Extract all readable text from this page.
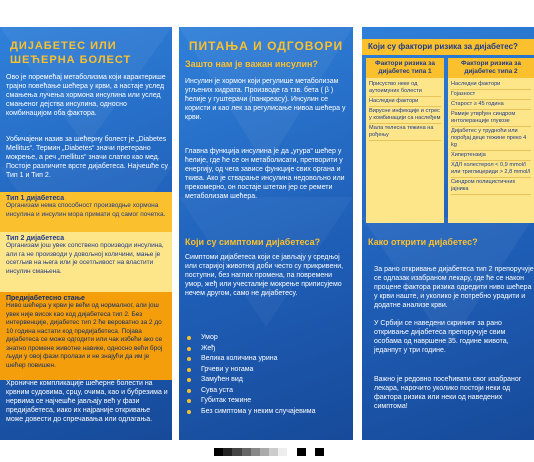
ДИЈАБЕТЕС ИЛИ
ШЕЋЕРНА БОЛЕСТ

Ово је поремећај метаболизма који карактерише трајно повећање шећера у крви, а настаје услед смањења лучења хормона инсулина или услед смањеног дејства инсулина, односно комбинацијом оба фактора.

Уобичајени назив за шећерну болест је „Diabetes Mellitus“. Термин „Diabetes“ значи претерано мокрење, а реч „mellitus“ значи слатко као мед. Постоје различите врсте дијабетеса. Најчешће су Тип 1 и Тип 2.

Тип 1 дијабетеса
Организам нема способност производње хормона инсулина и инсулин мора примати од самог почетка.
Тип 2 дијабетеса
Организам још увек сопствено производи инсулина, али га не производи у довољној количини, мање је осетљив на њега или је осетљивост на властити инсулин смањена.
Предијабетесно стање
Ниво шећера у крви је већи од нормалног, али још увек није висок као код дијабетеса тип 2. Без интервенције, дијабетес тип 2 ће вероватно за 2 до 10 година настати код предијабетеса. Појава дијабетеса се може одгодити или чак избећи ако се знатно промене животне навике, односно већи број људи у овој фази пролази и не знајући да им је шећер повишен.

Хроничне компликације шећерне болести на крвним судовима, срцу, очима, као и бубрезима и нервима се најчешће јављају већ у фази предијабетеса, иако их најраније откривање може довести до спречавања или одлагања.

ПИТАЊА И ОДГОВОРИ
Зашто нам је важан инсулин?

Инсулин је хормон који регулише метаболизам угљених хидрата. Производе га тзв. бета ( β ) ћелије у гуштерачи (панкреасу). Инсулин се користи и као лек за регулисање нивоа шећера у крви.

Главна функција инсулина је да „угура“ шећер у ћелије, где ће се он метаболисати, претворити у енергију, од чега зависе функције свих органа и ткива. Ако је стварање инсулина недовољно или прекомерно, он постаје штетан јер се ремети метаболизам шећера.

Који су симптоми дијабетеса?

Симптоми дијабетеса који се јављају у средњој или старијој животној доби често су прикривени, поступни, без наглих промена, па повремени умор, жеђ или учесталије мокрење приписујемо нечем другом, само не дијабетесу.

Умор
Жеђ
Велика количина урина
Грчеви у ногама
Замућен вид
Сува уста
Губитак тежине
Без симптома у неким случајевима
Који су фактори ризика за дијабетес?
Фактори ризика за дијабетес типа 1
Присуство неке од аутоимуних болести
Наследни фактори
Вирусне инфекције и стрес у комбинацији са наслеђем
Мала телесна тежина на рођењу
Фактори ризика за дијабетес типа 2
Наследни фактори
Гојазност
Старост ≥ 45 година
Рамије утврђен синдром интолеранције глукозе
Дијабетес у трудноћи или порођај деце тежине преко 4 kg
Хипертензија
ХДЛ холестерол < 0,9 mmol/l или триглицериди > 2,8 mmol/l
Синдром полицистичних јајника
Како открити дијабетес?

За рано откривање дијабетеса тип 2 препоручује се одлазак изабраном лекару, где ће се након процене фактора ризика одредити ниво шећера у крви наште, и уколико је потребно урадити и додатне анализе крви.

У Србији се наведени скрининг за рано откривање дијабетеса препоручује свим особама од навршене 35. године живота, једанпут у три године.

Важно је редовно посећивати свог изабраног лекара, нарочито уколико постоји неки од фактора ризика или неки од наведених симптома!
